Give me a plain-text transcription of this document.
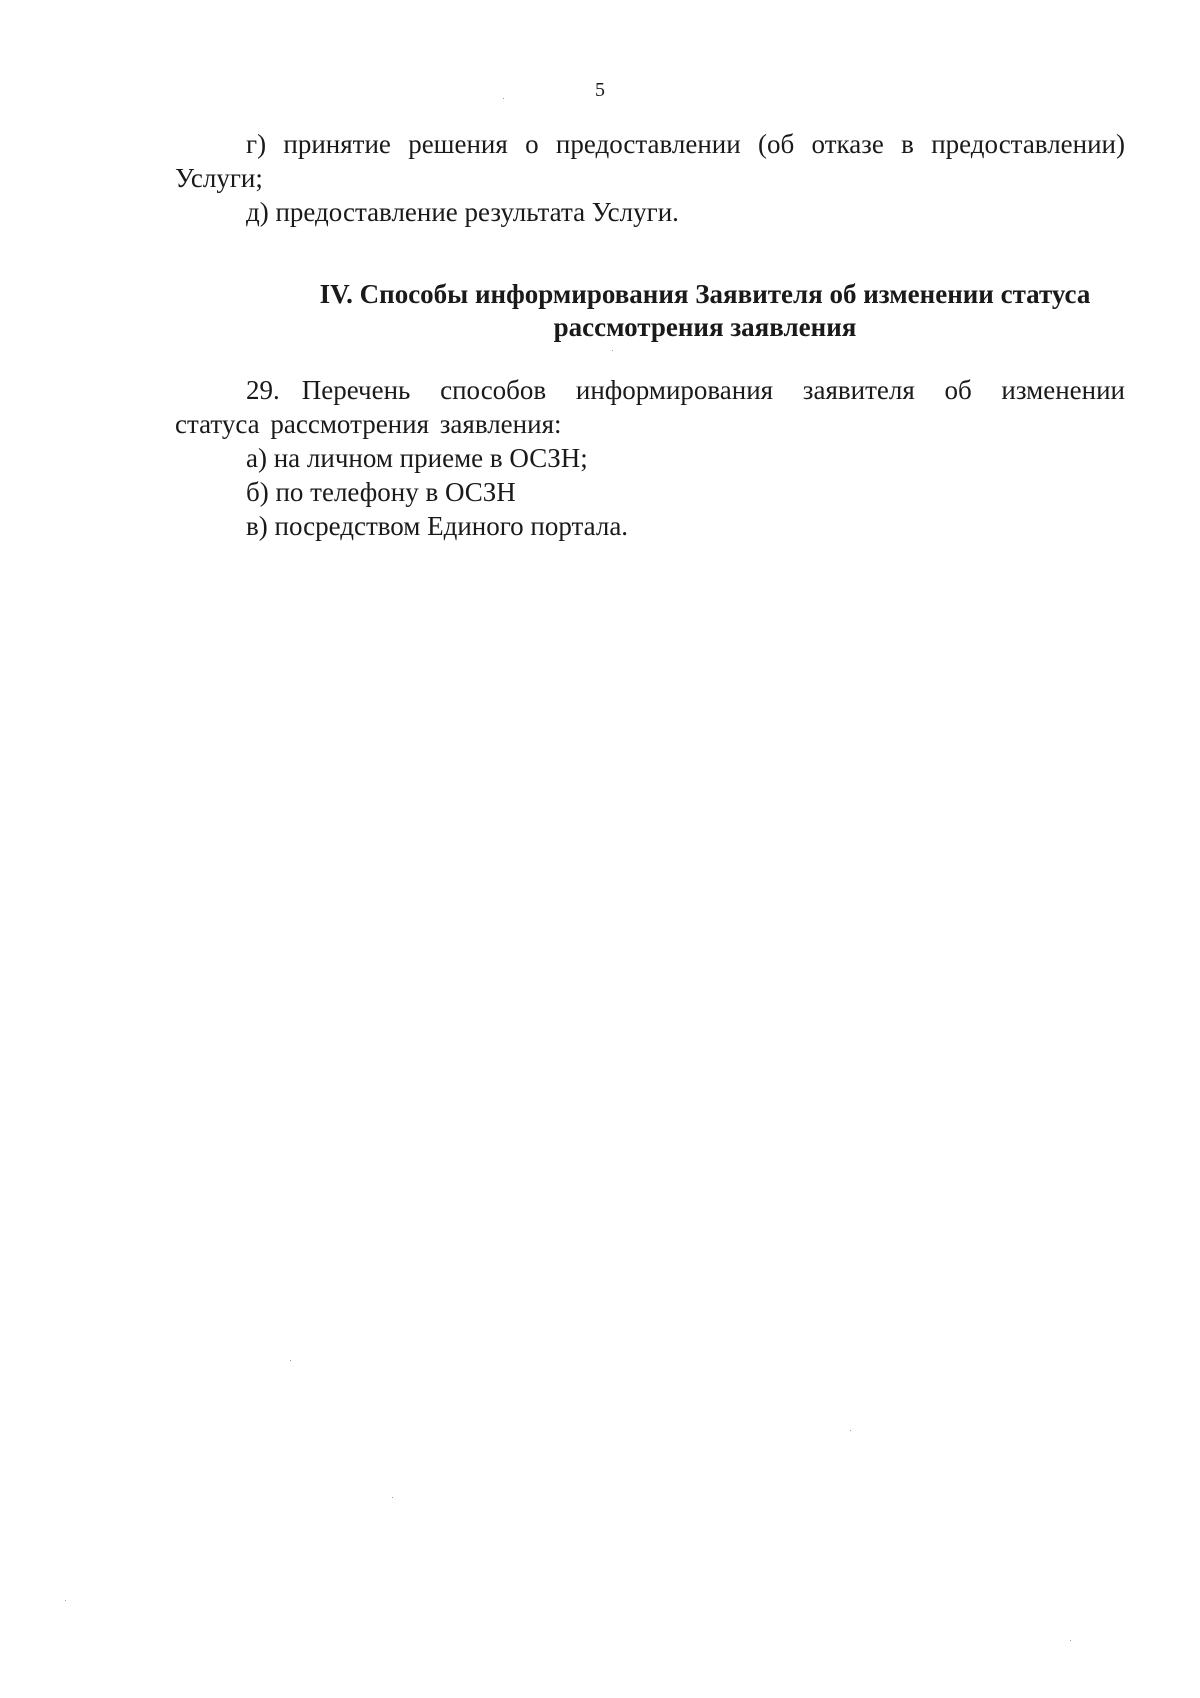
5

г) принятие решения о предоставлении (об отказе в предоставлении) Услуги;

д) предоставление результата Услуги.

IV. Способы информирования Заявителя об изменении статуса
рассмотрения заявления

29. Перечень способов информирования заявителя об изменении статуса рассмотрения заявления:

а) на личном приеме в ОСЗН;

б) по телефону в ОСЗН

в) посредством Единого портала.
